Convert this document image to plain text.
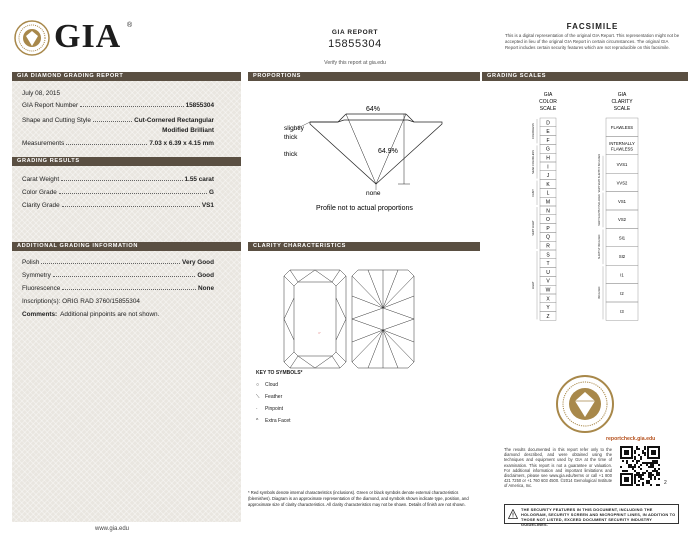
GIA ®
GIA REPORT
15855304
Verify this report at gia.edu
FACSIMILE
This is a digital representation of the original GIA Report. This representation might not be accepted in lieu of the original GIA Report in certain circumstances. The original GIA Report includes certain security features which are not reproducible on this facsimile.
GIA DIAMOND GRADING REPORT
July 08, 2015
GIA Report Number	15855304
Shape and Cutting Style	Cut-Cornered Rectangular
Modified Brilliant
Measurements	7.03 x 6.39 x 4.15 mm
GRADING RESULTS
Carat Weight	1.55 carat
Color Grade	G
Clarity Grade	VS1
ADDITIONAL GRADING INFORMATION
Polish	Very Good
Symmetry	Good
Fluorescence	None
Inscription(s): ORIG RAD 3760/15855304
Comments: Additional pinpoints are not shown.
www.gia.edu
PROPORTIONS
64%
64.9%
slightly
thick
thick
none
Profile not to actual proportions
CLARITY CHARACTERISTICS
○·
KEY TO SYMBOLS*
○ Cloud
⟍ Feather
· Pinpoint
^ Extra Facet
* Red symbols denote internal characteristics (inclusions). Green or black symbols denote external characteristics (blemishes). Diagram is an approximate representation of the diamond, and symbols shown indicate type, position, and approximate size of clarity characteristics. All clarity characteristics may not be shown. Details of finish are not shown.
GRADING SCALES
GIA
COLOR
SCALE
GIA
CLARITY
SCALE
D
E
F
G
H
I
J
K
L
M
N
O
P
Q
R
S
T
U
V
W
X
Y
Z
COLORLESS
NEAR COLORLESS
FAINT
VERY LIGHT
LIGHT
FLAWLESS
INTERNALLY
FLAWLESS
VVS1
VVS2
VS1
VS2
SI1
SI2
I1
I2
I3
VERY VERY SLIGHTLY INCLUDED
VERY SLIGHTLY INCLUDED
SLIGHTLY INCLUDED
INCLUDED
reportcheck.gia.edu
The results documented in this report refer only to the diamond described, and were obtained using the techniques and equipment used by GIA at the time of examination. This report is not a guarantee or valuation. For additional information and important limitations and disclaimers, please see www.gia.edu/terms or call +1 800 421 7250 or +1 760 603 4500. ©2014 Gemological Institute of America, Inc.	2
THE SECURITY FEATURES IN THIS DOCUMENT, INCLUDING THE HOLOGRAM, SECURITY SCREEN AND MICROPRINT LINES, IN ADDITION TO THOSE NOT LISTED, EXCEED DOCUMENT SECURITY INDUSTRY GUIDELINES.
